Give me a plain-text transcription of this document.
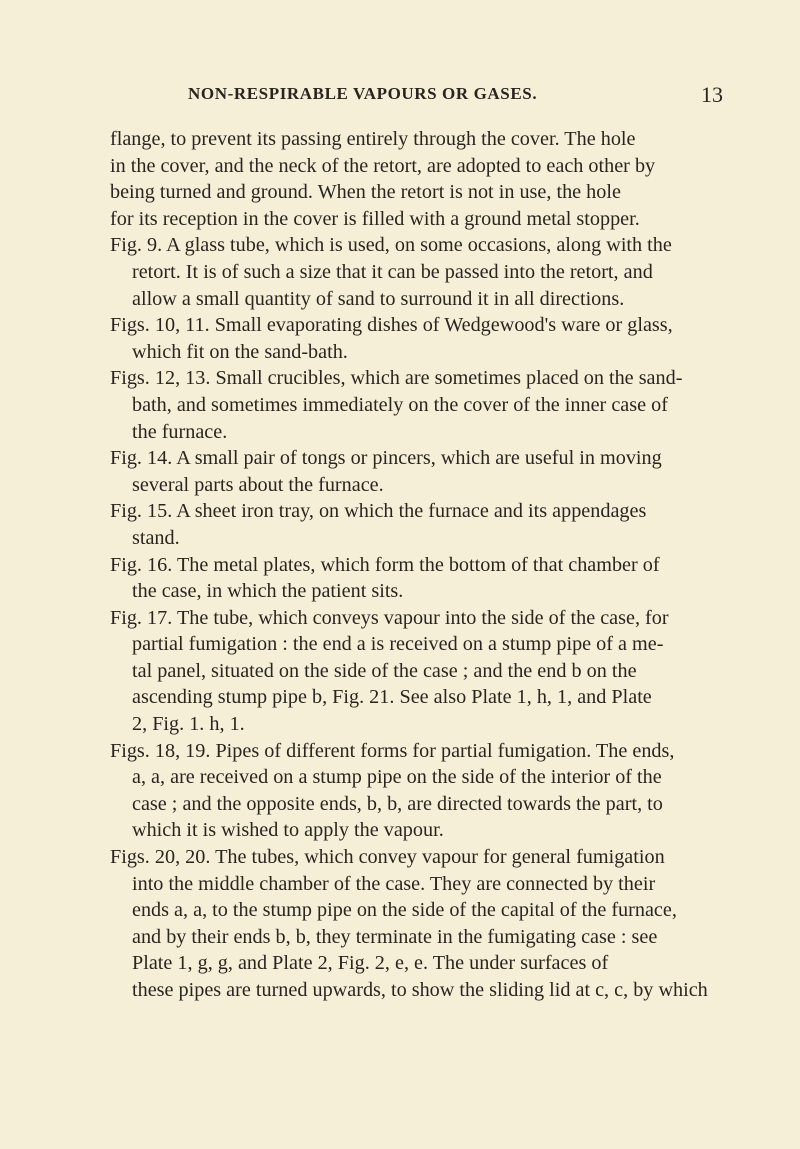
NON-RESPIRABLE VAPOURS OR GASES.	13
flange, to prevent its passing entirely through the cover. The hole
in the cover, and the neck of the retort, are adopted to each other by
being turned and ground. When the retort is not in use, the hole
for its reception in the cover is filled with a ground metal stopper.
Fig. 9. A glass tube, which is used, on some occasions, along with the
retort. It is of such a size that it can be passed into the retort, and
allow a small quantity of sand to surround it in all directions.
Figs. 10, 11. Small evaporating dishes of Wedgewood's ware or glass,
which fit on the sand-bath.
Figs. 12, 13. Small crucibles, which are sometimes placed on the sand-
bath, and sometimes immediately on the cover of the inner case of
the furnace.
Fig. 14. A small pair of tongs or pincers, which are useful in moving
several parts about the furnace.
Fig. 15. A sheet iron tray, on which the furnace and its appendages
stand.
Fig. 16. The metal plates, which form the bottom of that chamber of
the case, in which the patient sits.
Fig. 17. The tube, which conveys vapour into the side of the case, for
partial fumigation : the end a is received on a stump pipe of a me-
tal panel, situated on the side of the case ; and the end b on the
ascending stump pipe b, Fig. 21. See also Plate 1, h, 1, and Plate
2, Fig. 1. h, 1.
Figs. 18, 19. Pipes of different forms for partial fumigation. The ends,
a, a, are received on a stump pipe on the side of the interior of the
case ; and the opposite ends, b, b, are directed towards the part, to
which it is wished to apply the vapour.
Figs. 20, 20. The tubes, which convey vapour for general fumigation
into the middle chamber of the case. They are connected by their
ends a, a, to the stump pipe on the side of the capital of the furnace,
and by their ends b, b, they terminate in the fumigating case : see
Plate 1, g, g, and Plate 2, Fig. 2, e, e. The under surfaces of
these pipes are turned upwards, to show the sliding lid at c, c, by which
